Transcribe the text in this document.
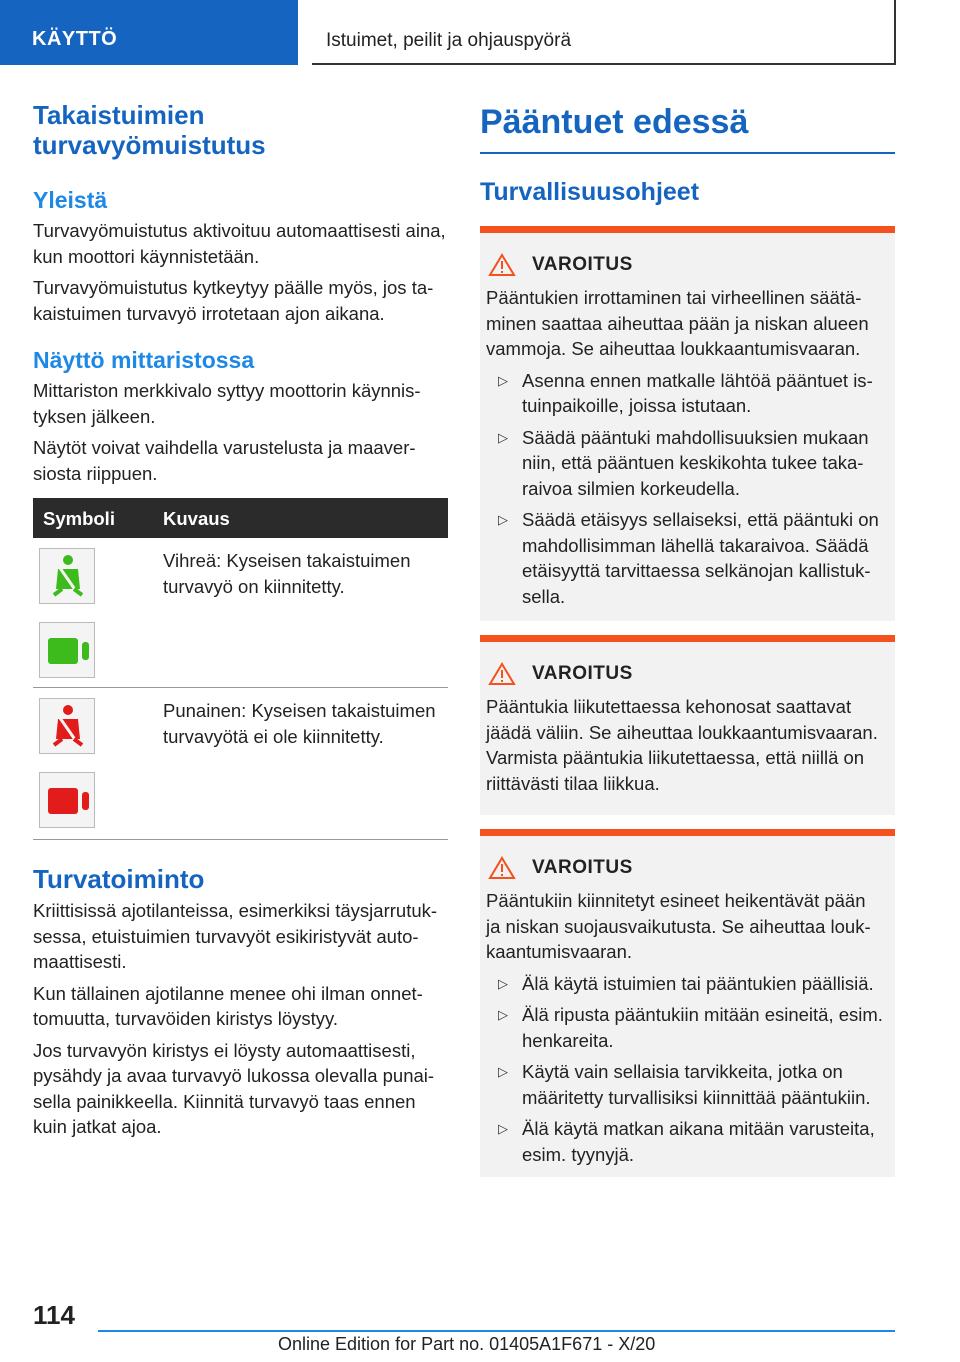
KÄYTTÖ	Istuimet, peilit ja ohjauspyörä
Takaistuimien turvavyömuistutus
Yleistä

Turvavyömuistutus aktivoituu automaattisesti aina, kun moottori käynnistetään.

Turvavyömuistutus kytkeytyy päälle myös, jos takaistuimen turvavyö irrotetaan ajon aikana.

Näyttö mittaristossa

Mittariston merkkivalo syttyy moottorin käynnistyksen jälkeen.

Näytöt voivat vaihdella varustelusta ja maaversiosta riippuen.

Symboli	Kuvaus
Vihreä: Kyseisen takaistuimen turvavyö on kiinnitetty.
Punainen: Kyseisen takaistuimen turvavyötä ei ole kiinnitetty.
Turvatoiminto

Kriittisissä ajotilanteissa, esimerkiksi täysjarrutuksessa, etuistuimien turvavyöt esikiristyvät automaattisesti.

Kun tällainen ajotilanne menee ohi ilman onnettomuutta, turvavöiden kiristys löystyy.

Jos turvavyön kiristys ei löysty automaattisesti, pysähdy ja avaa turvavyö lukossa olevalla punaisella painikkeella. Kiinnitä turvavyö taas ennen kuin jatkat ajoa.

Pääntuet edessä
Turvallisuusohjeet
VAROITUS
Pääntukien irrottaminen tai virheellinen säätäminen saattaa aiheuttaa pään ja niskan alueen vammoja. Se aiheuttaa loukkaantumisvaaran.
▷ Asenna ennen matkalle lähtöä pääntuet istuinpaikoille, joissa istutaan.
▷ Säädä pääntuki mahdollisuuksien mukaan niin, että pääntuen keskikohta tukee takaraivoa silmien korkeudella.
▷ Säädä etäisyys sellaiseksi, että pääntuki on mahdollisimman lähellä takaraivoa. Säädä etäisyyttä tarvittaessa selkänojan kallistuksella.
VAROITUS
Pääntukia liikutettaessa kehonosat saattavat jäädä väliin. Se aiheuttaa loukkaantumisvaaran. Varmista pääntukia liikutettaessa, että niillä on riittävästi tilaa liikkua.
VAROITUS
Pääntukiin kiinnitetyt esineet heikentävät pään ja niskan suojausvaikutusta. Se aiheuttaa loukkaantumisvaaran.
▷ Älä käytä istuimien tai pääntukien päällisiä.
▷ Älä ripusta pääntukiin mitään esineitä, esim. henkareita.
▷ Käytä vain sellaisia tarvikkeita, jotka on määritetty turvallisiksi kiinnittää pääntukiin.
▷ Älä käytä matkan aikana mitään varusteita, esim. tyynyjä.
114
Online Edition for Part no. 01405A1F671 - X/20
